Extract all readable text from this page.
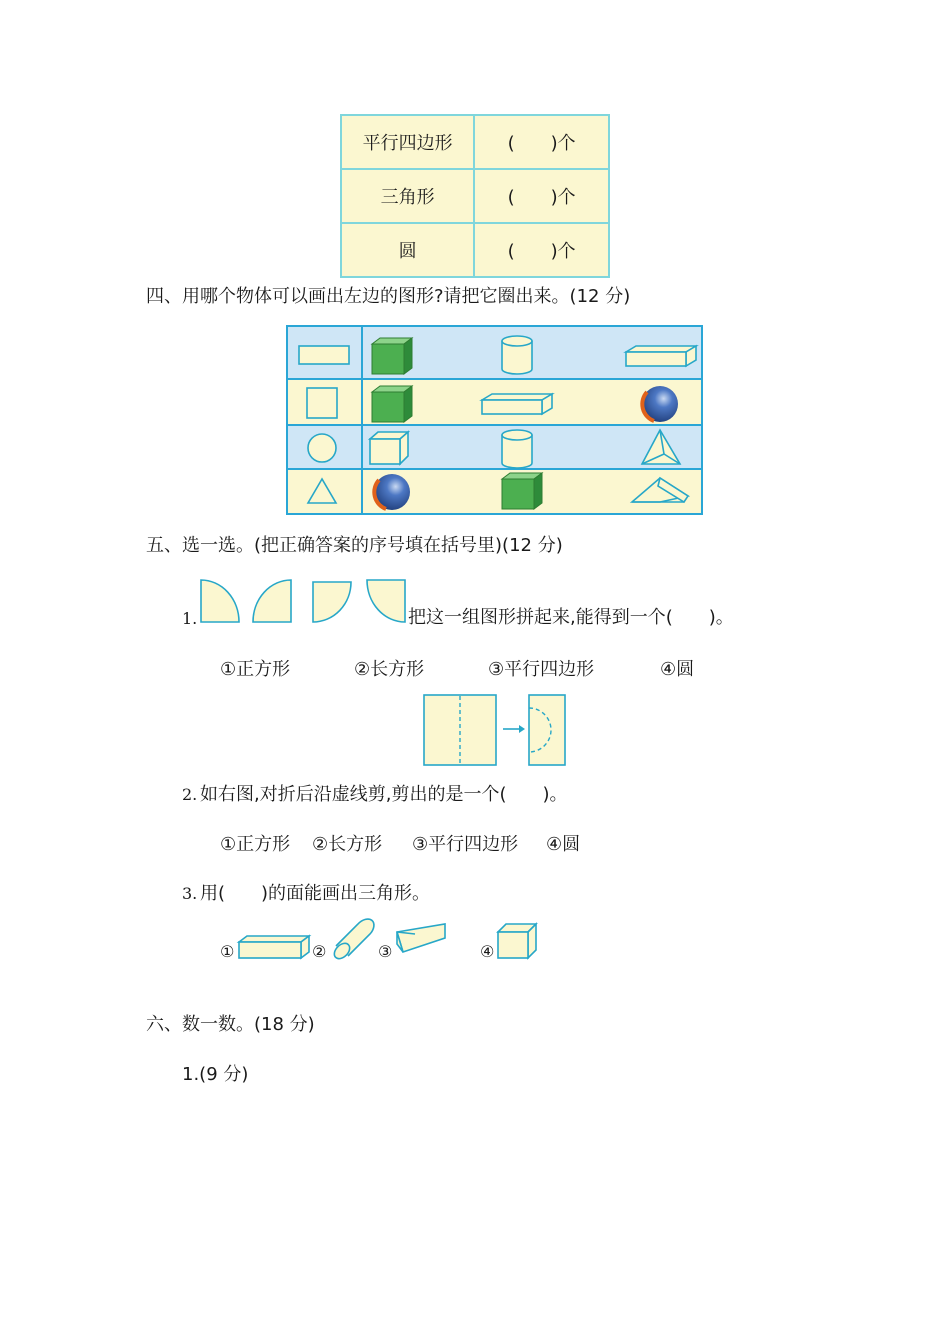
平行四边形	(　　)个
三角形	(　　)个
圆	(　　)个
四、用哪个物体可以画出左边的图形?请把它圈出来。(12 分)
五、选一选。(把正确答案的序号填在括号里)(12 分)
1.	把这一组图形拼起来,能得到一个(　　)。
①正方形	②长方形	③平行四边形	④圆
2. 如右图,对折后沿虚线剪,剪出的是一个(　　)。
①正方形 ②长方形 ③平行四边形 ④圆
3. 用(　　)的面能画出三角形。
①	②	③	④
六、数一数。(18 分)
1.(9 分)
